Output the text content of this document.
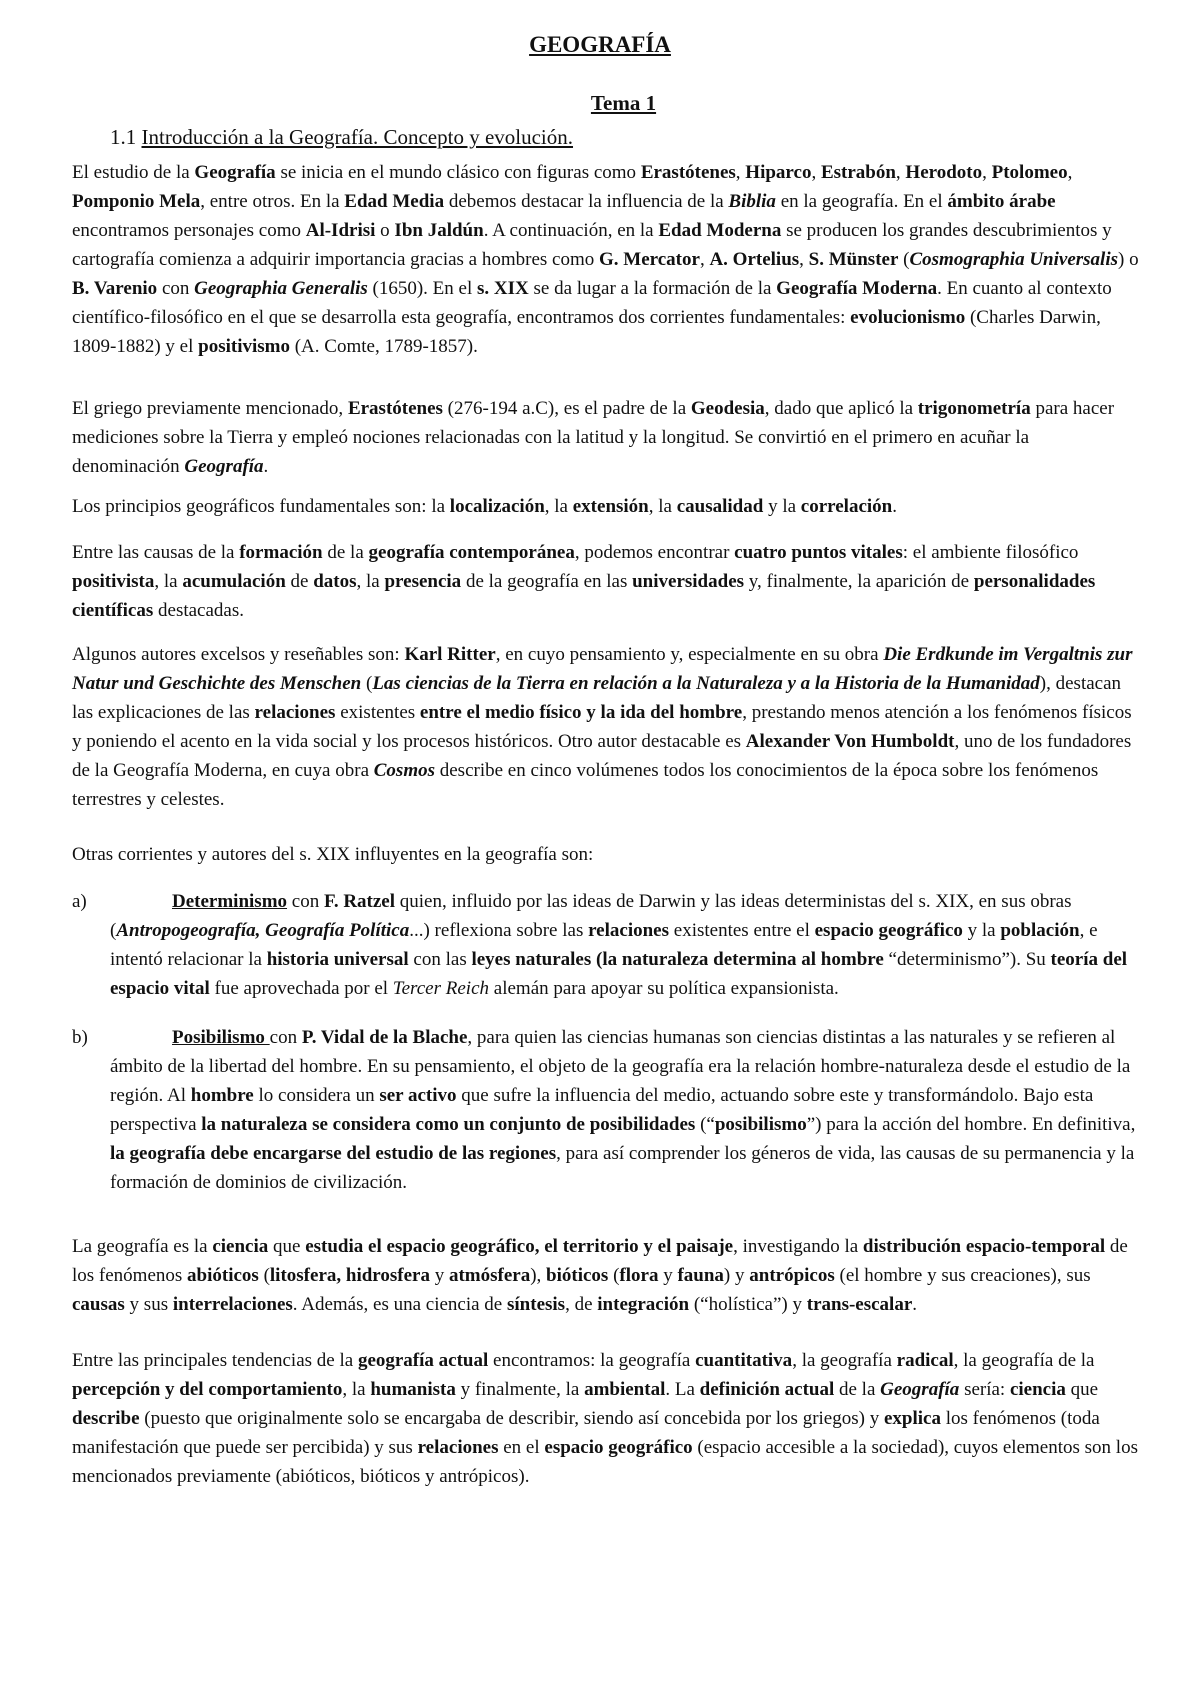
GEOGRAFÍA
Tema 1
1.1 Introducción a la Geografía. Concepto y evolución.

El estudio de la Geografía se inicia en el mundo clásico con figuras como Erastótenes, Hiparco, Estrabón, Herodoto, Ptolomeo, Pomponio Mela, entre otros. En la Edad Media debemos destacar la influencia de la Biblia en la geografía. En el ámbito árabe encontramos personajes como Al-Idrisi o Ibn Jaldún. A continuación, en la Edad Moderna se producen los grandes descubrimientos y cartografía comienza a adquirir importancia gracias a hombres como G. Mercator, A. Ortelius, S. Münster (Cosmographia Universalis) o B. Varenio con Geographia Generalis (1650). En el s. XIX se da lugar a la formación de la Geografía Moderna. En cuanto al contexto científico-filosófico en el que se desarrolla esta geografía, encontramos dos corrientes fundamentales: evolucionismo (Charles Darwin, 1809-1882) y el positivismo (A. Comte, 1789-1857).

El griego previamente mencionado, Erastótenes (276-194 a.C), es el padre de la Geodesia, dado que aplicó la trigonometría para hacer mediciones sobre la Tierra y empleó nociones relacionadas con la latitud y la longitud. Se convirtió en el primero en acuñar la denominación Geografía.

Los principios geográficos fundamentales son: la localización, la extensión, la causalidad y la correlación.

Entre las causas de la formación de la geografía contemporánea, podemos encontrar cuatro puntos vitales: el ambiente filosófico positivista, la acumulación de datos, la presencia de la geografía en las universidades y, finalmente, la aparición de personalidades científicas destacadas.

Algunos autores excelsos y reseñables son: Karl Ritter, en cuyo pensamiento y, especialmente en su obra Die Erdkunde im Vergaltnis zur Natur und Geschichte des Menschen (Las ciencias de la Tierra en relación a la Naturaleza y a la Historia de la Humanidad), destacan las explicaciones de las relaciones existentes entre el medio físico y la ida del hombre, prestando menos atención a los fenómenos físicos y poniendo el acento en la vida social y los procesos históricos. Otro autor destacable es Alexander Von Humboldt, uno de los fundadores de la Geografía Moderna, en cuya obra Cosmos describe en cinco volúmenes todos los conocimientos de la época sobre los fenómenos terrestres y celestes.

Otras corrientes y autores del s. XIX influyentes en la geografía son:

a)	Determinismo con F. Ratzel quien, influido por las ideas de Darwin y las ideas deterministas del s. XIX, en sus obras (Antropogeografía, Geografía Política...) reflexiona sobre las relaciones existentes entre el espacio geográfico y la población, e intentó relacionar la historia universal con las leyes naturales (la naturaleza determina al hombre “determinismo”). Su teoría del espacio vital fue aprovechada por el Tercer Reich alemán para apoyar su política expansionista.

b)	Posibilismo con P. Vidal de la Blache, para quien las ciencias humanas son ciencias distintas a las naturales y se refieren al ámbito de la libertad del hombre. En su pensamiento, el objeto de la geografía era la relación hombre-naturaleza desde el estudio de la región. Al hombre lo considera un ser activo que sufre la influencia del medio, actuando sobre este y transformándolo. Bajo esta perspectiva la naturaleza se considera como un conjunto de posibilidades (“posibilismo”) para la acción del hombre. En definitiva, la geografía debe encargarse del estudio de las regiones, para así comprender los géneros de vida, las causas de su permanencia y la formación de dominios de civilización.

La geografía es la ciencia que estudia el espacio geográfico, el territorio y el paisaje, investigando la distribución espacio-temporal de los fenómenos abióticos (litosfera, hidrosfera y atmósfera), bióticos (flora y fauna) y antrópicos (el hombre y sus creaciones), sus causas y sus interrelaciones. Además, es una ciencia de síntesis, de integración (“holística”) y trans-escalar.

Entre las principales tendencias de la geografía actual encontramos: la geografía cuantitativa, la geografía radical, la geografía de la percepción y del comportamiento, la humanista y finalmente, la ambiental. La definición actual de la Geografía sería: ciencia que describe (puesto que originalmente solo se encargaba de describir, siendo así concebida por los griegos) y explica los fenómenos (toda manifestación que puede ser percibida) y sus relaciones en el espacio geográfico (espacio accesible a la sociedad), cuyos elementos son los mencionados previamente (abióticos, bióticos y antrópicos).
